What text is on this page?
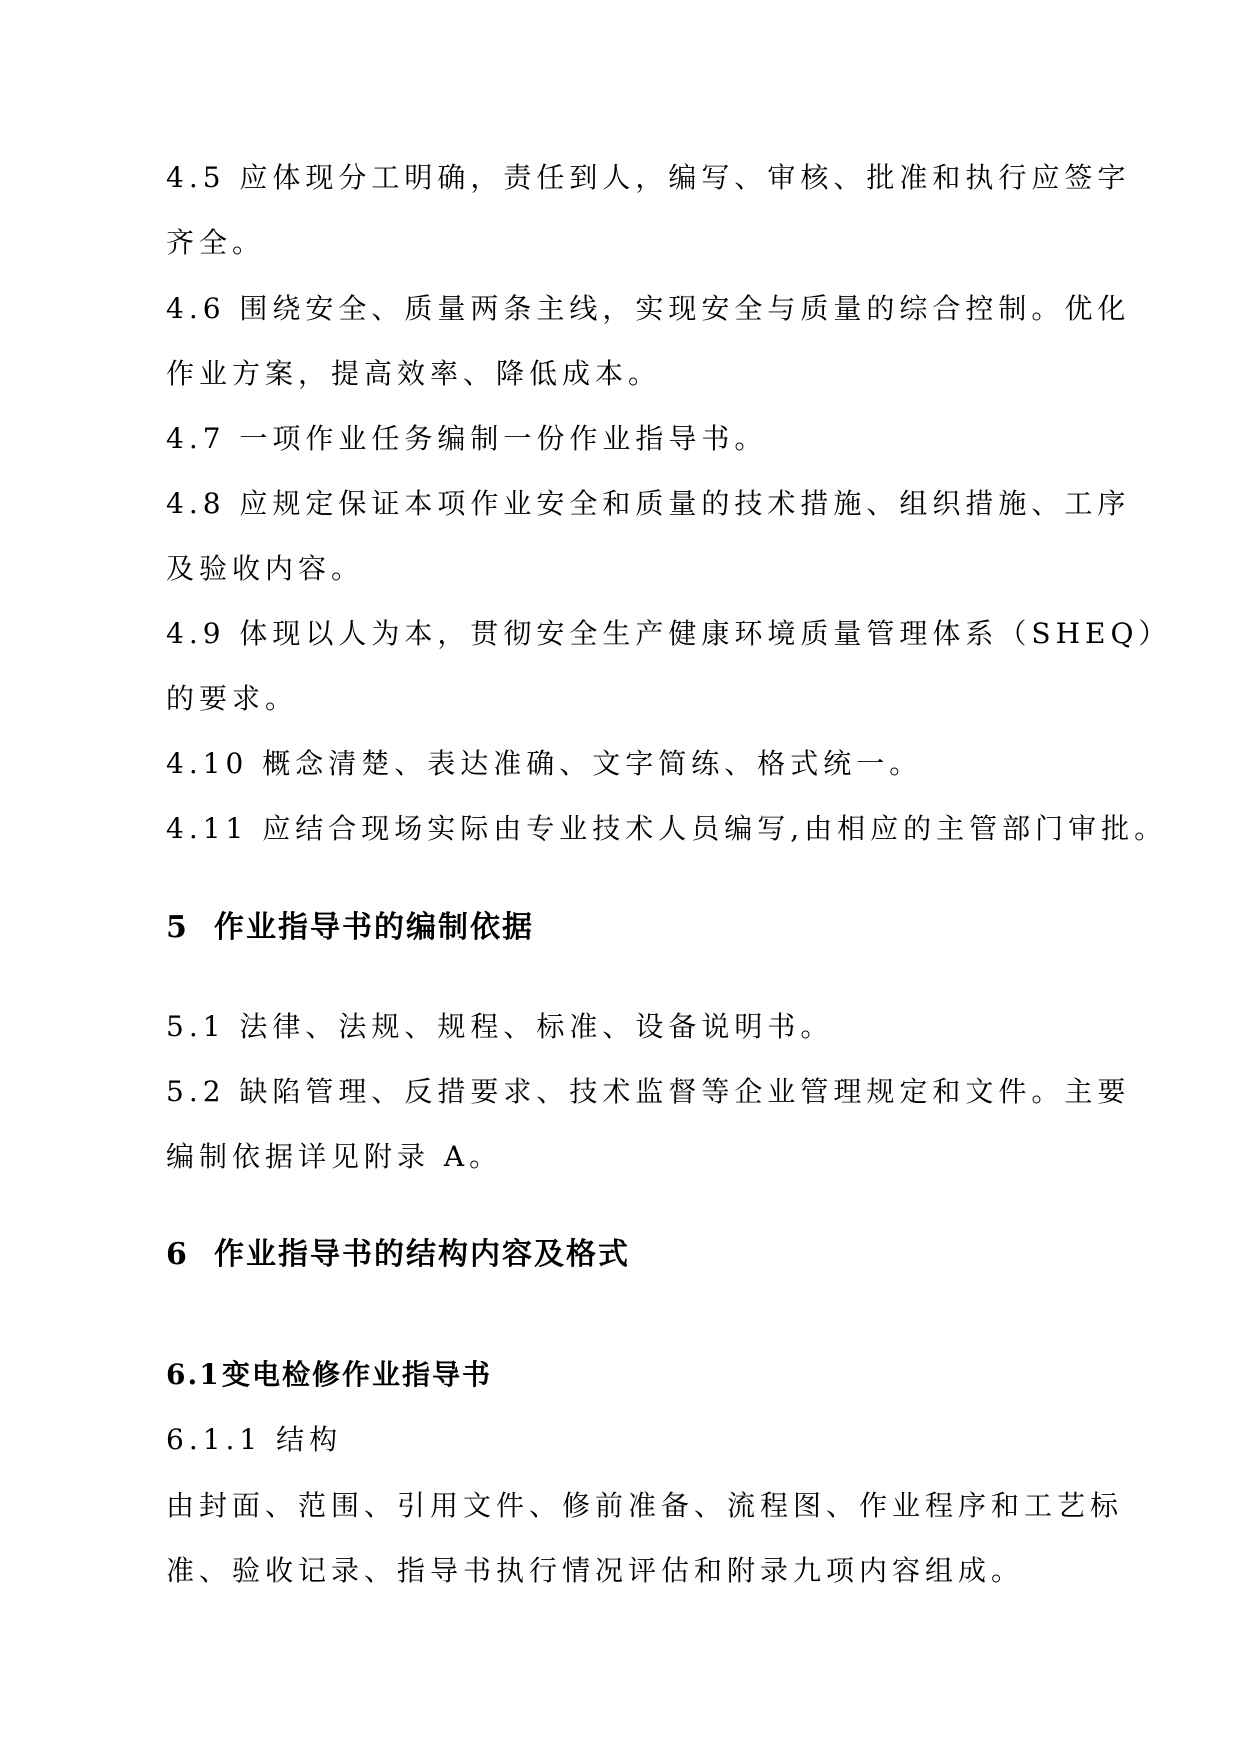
4.5 应体现分工明确，责任到人，编写、审核、批准和执行应签字
齐全。
4.6 围绕安全、质量两条主线，实现安全与质量的综合控制。优化
作业方案，提高效率、降低成本。
4.7 一项作业任务编制一份作业指导书。
4.8 应规定保证本项作业安全和质量的技术措施、组织措施、工序
及验收内容。
4.9 体现以人为本，贯彻安全生产健康环境质量管理体系（SHEQ）
的要求。
4.10 概念清楚、表达准确、文字简练、格式统一。
4.11 应结合现场实际由专业技术人员编写,由相应的主管部门审批。
5 作业指导书的编制依据
5.1 法律、法规、规程、标准、设备说明书。
5.2 缺陷管理、反措要求、技术监督等企业管理规定和文件。主要
编制依据详见附录 A。
6 作业指导书的结构内容及格式
6.1变电检修作业指导书
6.1.1 结构
由封面、范围、引用文件、修前准备、流程图、作业程序和工艺标
准、验收记录、指导书执行情况评估和附录九项内容组成。
